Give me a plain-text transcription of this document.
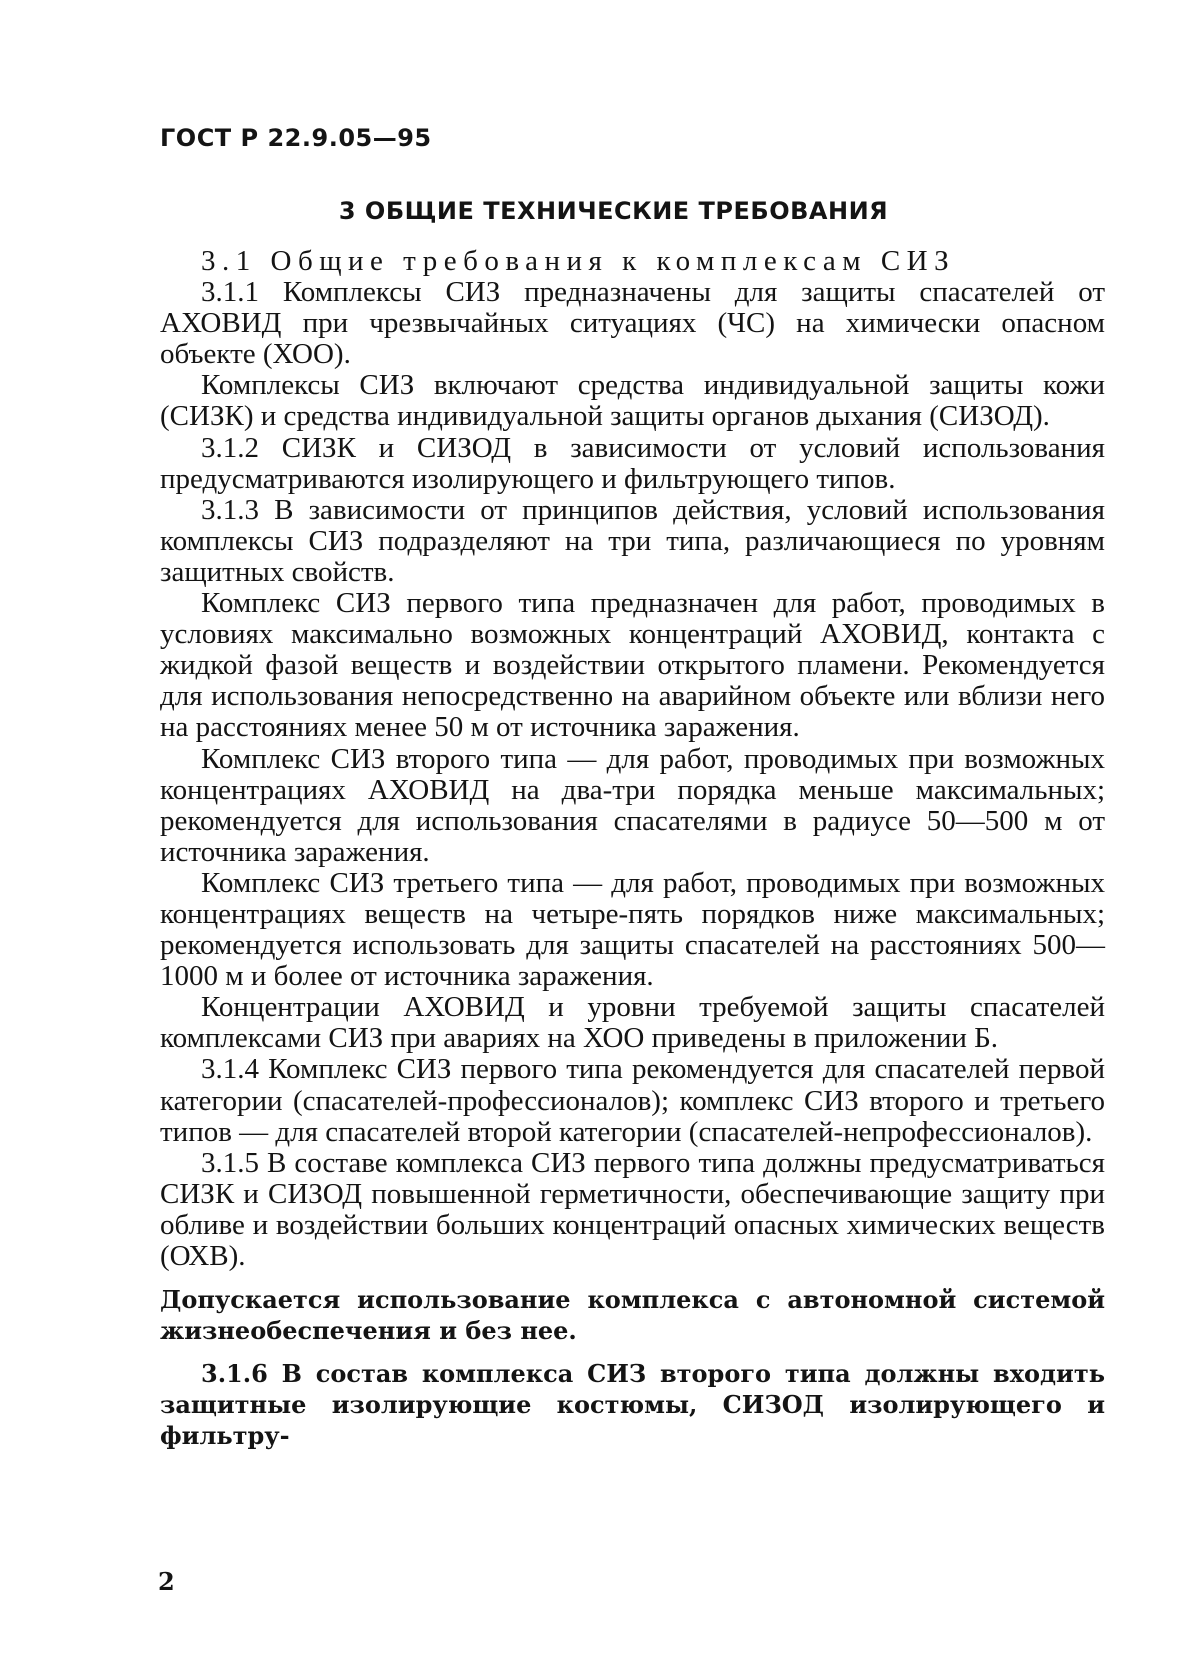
ГОСТ Р 22.9.05—95
3 ОБЩИЕ ТЕХНИЧЕСКИЕ ТРЕБОВАНИЯ

3.1 Общие требования к комплексам СИЗ

3.1.1 Комплексы СИЗ предназначены для защиты спасателей от АХОВИД при чрезвычайных ситуациях (ЧС) на химически опасном объекте (ХОО).

Комплексы СИЗ включают средства индивидуальной защиты кожи (СИЗК) и средства индивидуальной защиты органов дыхания (СИЗОД).

3.1.2 СИЗК и СИЗОД в зависимости от условий использования предусматриваются изолирующего и фильтрующего типов.

3.1.3 В зависимости от принципов действия, условий использования комплексы СИЗ подразделяют на три типа, различающиеся по уровням защитных свойств.

Комплекс СИЗ первого типа предназначен для работ, проводимых в условиях максимально возможных концентраций АХОВИД, контакта с жидкой фазой веществ и воздействии открытого пламени. Рекомендуется для использования непосредственно на аварийном объекте или вблизи него на расстояниях менее 50 м от источника заражения.

Комплекс СИЗ второго типа — для работ, проводимых при возможных концентрациях АХОВИД на два-три порядка меньше максимальных; рекомендуется для использования спасателями в радиусе 50—500 м от источника заражения.

Комплекс СИЗ третьего типа — для работ, проводимых при возможных концентрациях веществ на четыре-пять порядков ниже максимальных; рекомендуется использовать для защиты спасателей на расстояниях 500—1000 м и более от источника заражения.

Концентрации АХОВИД и уровни требуемой защиты спасателей комплексами СИЗ при авариях на ХОО приведены в приложении Б.

3.1.4 Комплекс СИЗ первого типа рекомендуется для спасателей первой категории (спасателей-профессионалов); комплекс СИЗ второго и третьего типов — для спасателей второй категории (спасателей-непрофессионалов).

3.1.5 В составе комплекса СИЗ первого типа должны предусматриваться СИЗК и СИЗОД повышенной герметичности, обеспечивающие защиту при обливе и воздействии больших концентраций опасных химических веществ (ОХВ).

Допускается использование комплекса с автономной системой жизнеобеспечения и без нее.

3.1.6 В состав комплекса СИЗ второго типа должны входить защитные изолирующие костюмы, СИЗОД изолирующего и фильтру-

2
